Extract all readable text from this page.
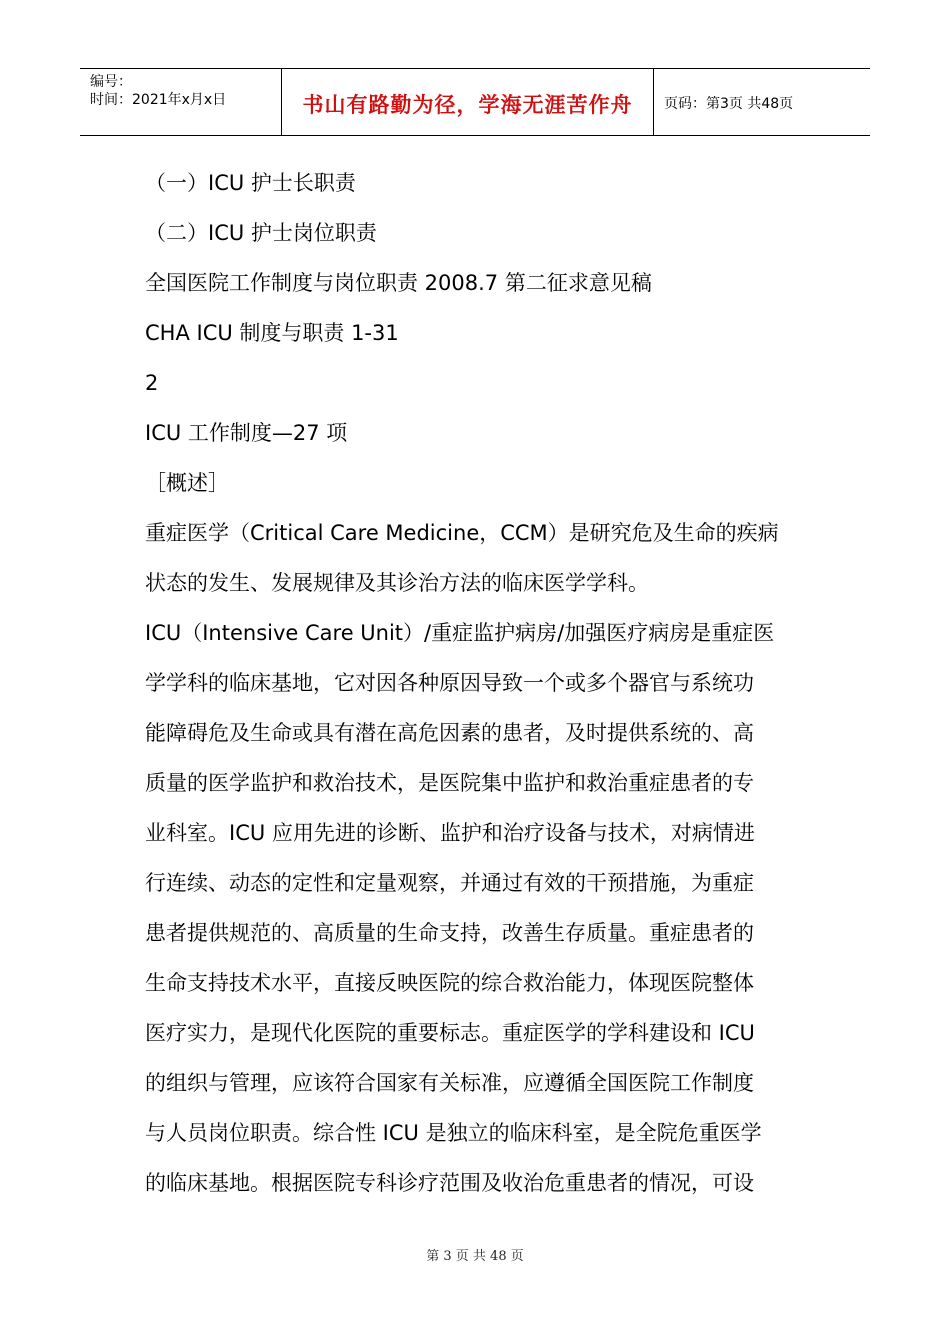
编号：
时间：2021年x月x日	书山有路勤为径，学海无涯苦作舟	页码：第3页 共48页
（一）ICU 护士长职责
（二）ICU 护士岗位职责
全国医院工作制度与岗位职责 2008.7 第二征求意见稿
CHA ICU 制度与职责 1-31
2
ICU 工作制度—27 项
［概述］
重症医学（Critical Care Medicine，CCM）是研究危及生命的疾病
状态的发生、发展规律及其诊治方法的临床医学学科。
ICU（Intensive Care Unit）/重症监护病房/加强医疗病房是重症医
学学科的临床基地，它对因各种原因导致一个或多个器官与系统功
能障碍危及生命或具有潜在高危因素的患者，及时提供系统的、高
质量的医学监护和救治技术，是医院集中监护和救治重症患者的专
业科室。ICU 应用先进的诊断、监护和治疗设备与技术，对病情进
行连续、动态的定性和定量观察，并通过有效的干预措施，为重症
患者提供规范的、高质量的生命支持，改善生存质量。重症患者的
生命支持技术水平，直接反映医院的综合救治能力，体现医院整体
医疗实力，是现代化医院的重要标志。重症医学的学科建设和 ICU
的组织与管理，应该符合国家有关标准，应遵循全国医院工作制度
与人员岗位职责。综合性 ICU 是独立的临床科室，是全院危重医学
的临床基地。根据医院专科诊疗范围及收治危重患者的情况，可设
第 3 页 共 48 页
